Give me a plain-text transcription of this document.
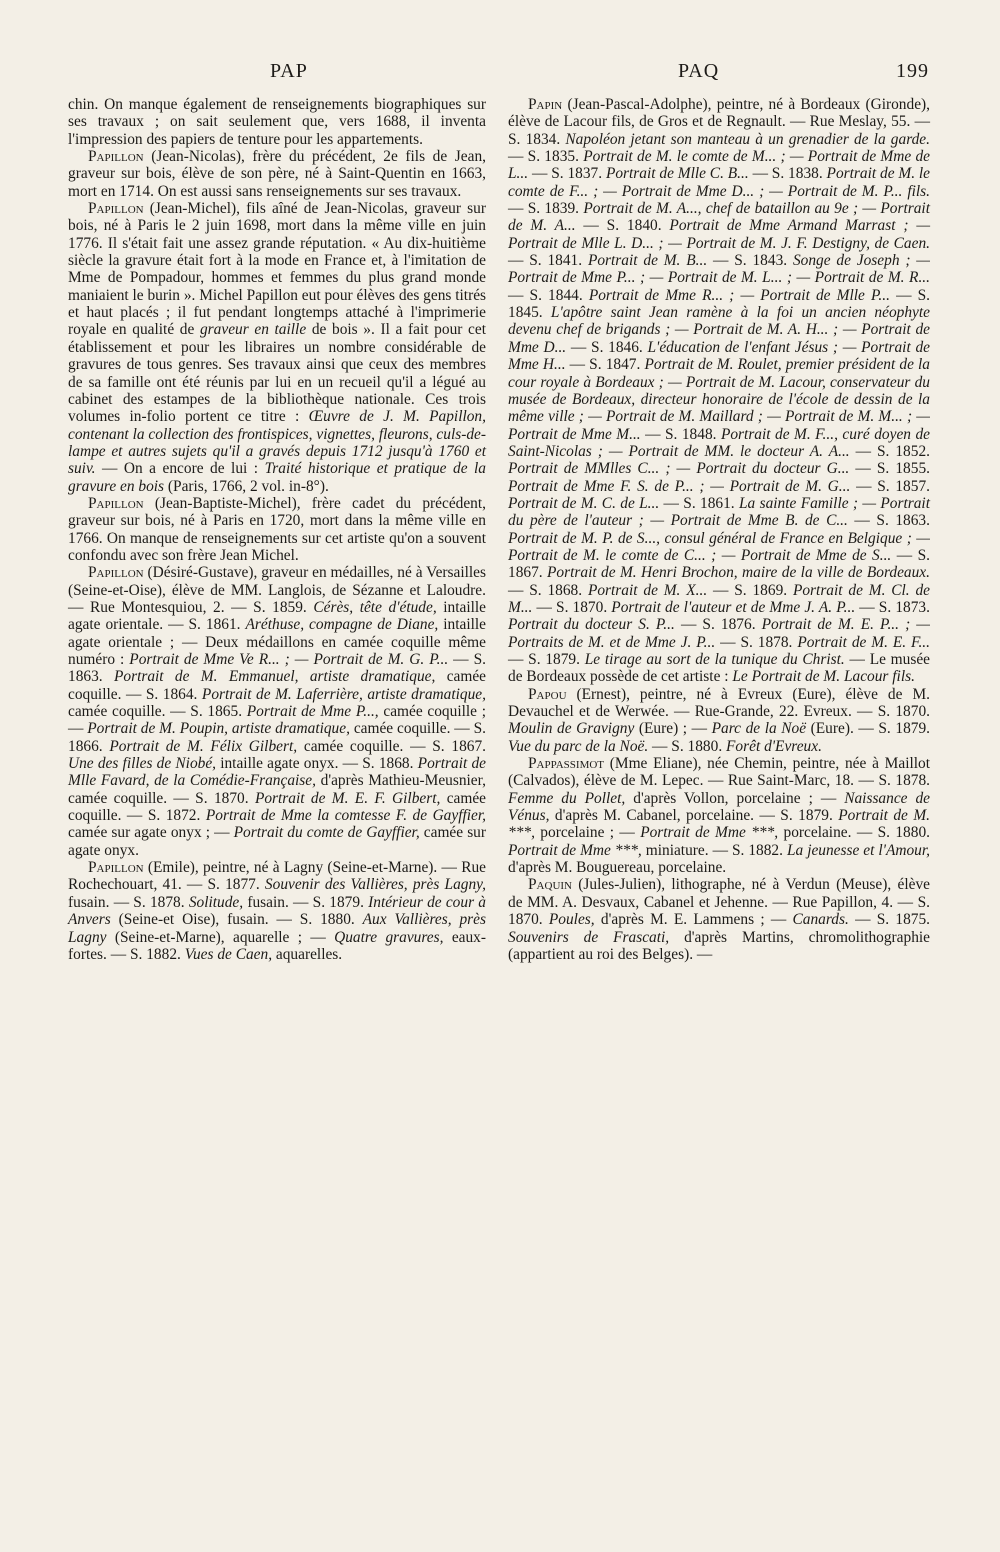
PAP	PAQ	199

chin. On manque également de renseignements biographiques sur ses travaux ; on sait seulement que, vers 1688, il inventa l'impression des papiers de tenture pour les appartements.

Papillon (Jean-Nicolas), frère du précédent, 2e fils de Jean, graveur sur bois, élève de son père, né à Saint-Quentin en 1663, mort en 1714. On est aussi sans renseignements sur ses travaux.

Papillon (Jean-Michel), fils aîné de Jean-Nicolas, graveur sur bois, né à Paris le 2 juin 1698, mort dans la même ville en juin 1776. Il s'était fait une assez grande réputation. « Au dix-huitième siècle la gravure était fort à la mode en France et, à l'imitation de Mme de Pompadour, hommes et femmes du plus grand monde maniaient le burin ». Michel Papillon eut pour élèves des gens titrés et haut placés ; il fut pendant longtemps attaché à l'imprimerie royale en qualité de graveur en taille de bois ». Il a fait pour cet établissement et pour les libraires un nombre considérable de gravures de tous genres. Ses travaux ainsi que ceux des membres de sa famille ont été réunis par lui en un recueil qu'il a légué au cabinet des estampes de la bibliothèque nationale. Ces trois volumes in-folio portent ce titre : Œuvre de J. M. Papillon, contenant la collection des frontispices, vignettes, fleurons, culs-de-lampe et autres sujets qu'il a gravés depuis 1712 jusqu'à 1760 et suiv. — On a encore de lui : Traité historique et pratique de la gravure en bois (Paris, 1766, 2 vol. in-8°).

Papillon (Jean-Baptiste-Michel), frère cadet du précédent, graveur sur bois, né à Paris en 1720, mort dans la même ville en 1766. On manque de renseignements sur cet artiste qu'on a souvent confondu avec son frère Jean Michel.

Papillon (Désiré-Gustave), graveur en médailles, né à Versailles (Seine-et-Oise), élève de MM. Langlois, de Sézanne et Laloudre. — Rue Montesquiou, 2. — S. 1859. Cérès, tête d'étude, intaille agate orientale. — S. 1861. Aréthuse, compagne de Diane, intaille agate orientale ; — Deux médaillons en camée coquille même numéro : Portrait de Mme Ve R... ; — Portrait de M. G. P... — S. 1863. Portrait de M. Emmanuel, artiste dramatique, camée coquille. — S. 1864. Portrait de M. Laferrière, artiste dramatique, camée coquille. — S. 1865. Portrait de Mme P..., camée coquille ; — Portrait de M. Poupin, artiste dramatique, camée coquille. — S. 1866. Portrait de M. Félix Gilbert, camée coquille. — S. 1867. Une des filles de Niobé, intaille agate onyx. — S. 1868. Portrait de Mlle Favard, de la Comédie-Française, d'après Mathieu-Meusnier, camée coquille. — S. 1870. Portrait de M. E. F. Gilbert, camée coquille. — S. 1872. Portrait de Mme la comtesse F. de Gayffier, camée sur agate onyx ; — Portrait du comte de Gayffier, camée sur agate onyx.

Papillon (Emile), peintre, né à Lagny (Seine-et-Marne). — Rue Rochechouart, 41. — S. 1877. Souvenir des Vallières, près Lagny, fusain. — S. 1878. Solitude, fusain. — S. 1879. Intérieur de cour à Anvers (Seine-et Oise), fusain. — S. 1880. Aux Vallières, près Lagny (Seine-et-Marne), aquarelle ; — Quatre gravures, eaux-fortes. — S. 1882. Vues de Caen, aquarelles.

Papin (Jean-Pascal-Adolphe), peintre, né à Bordeaux (Gironde), élève de Lacour fils, de Gros et de Regnault. — Rue Meslay, 55. — S. 1834. Napoléon jetant son manteau à un grenadier de la garde. — S. 1835. Portrait de M. le comte de M... ; — Portrait de Mme de L... — S. 1837. Portrait de Mlle C. B... — S. 1838. Portrait de M. le comte de F... ; — Portrait de Mme D... ; — Portrait de M. P... fils. — S. 1839. Portrait de M. A..., chef de bataillon au 9e ; — Portrait de M. A... — S. 1840. Portrait de Mme Armand Marrast ; — Portrait de Mlle L. D... ; — Portrait de M. J. F. Destigny, de Caen. — S. 1841. Portrait de M. B... — S. 1843. Songe de Joseph ; — Portrait de Mme P... ; — Portrait de M. L... ; — Portrait de M. R... — S. 1844. Portrait de Mme R... ; — Portrait de Mlle P... — S. 1845. L'apôtre saint Jean ramène à la foi un ancien néophyte devenu chef de brigands ; — Portrait de M. A. H... ; — Portrait de Mme D... — S. 1846. L'éducation de l'enfant Jésus ; — Portrait de Mme H... — S. 1847. Portrait de M. Roulet, premier président de la cour royale à Bordeaux ; — Portrait de M. Lacour, conservateur du musée de Bordeaux, directeur honoraire de l'école de dessin de la même ville ; — Portrait de M. Maillard ; — Portrait de M. M... ; — Portrait de Mme M... — S. 1848. Portrait de M. F..., curé doyen de Saint-Nicolas ; — Portrait de MM. le docteur A. A... — S. 1852. Portrait de MMlles C... ; — Portrait du docteur G... — S. 1855. Portrait de Mme F. S. de P... ; — Portrait de M. G... — S. 1857. Portrait de M. C. de L... — S. 1861. La sainte Famille ; — Portrait du père de l'auteur ; — Portrait de Mme B. de C... — S. 1863. Portrait de M. P. de S..., consul général de France en Belgique ; — Portrait de M. le comte de C... ; — Portrait de Mme de S... — S. 1867. Portrait de M. Henri Brochon, maire de la ville de Bordeaux. — S. 1868. Portrait de M. X... — S. 1869. Portrait de M. Cl. de M... — S. 1870. Portrait de l'auteur et de Mme J. A. P... — S. 1873. Portrait du docteur S. P... — S. 1876. Portrait de M. E. P... ; — Portraits de M. et de Mme J. P... — S. 1878. Portrait de M. E. F... — S. 1879. Le tirage au sort de la tunique du Christ. — Le musée de Bordeaux possède de cet artiste : Le Portrait de M. Lacour fils.

Papou (Ernest), peintre, né à Evreux (Eure), élève de M. Devauchel et de Werwée. — Rue-Grande, 22. Evreux. — S. 1870. Moulin de Gravigny (Eure) ; — Parc de la Noë (Eure). — S. 1879. Vue du parc de la Noë. — S. 1880. Forêt d'Evreux.

Pappassimot (Mme Eliane), née Chemin, peintre, née à Maillot (Calvados), élève de M. Lepec. — Rue Saint-Marc, 18. — S. 1878. Femme du Pollet, d'après Vollon, porcelaine ; — Naissance de Vénus, d'après M. Cabanel, porcelaine. — S. 1879. Portrait de M. ***, porcelaine ; — Portrait de Mme ***, porcelaine. — S. 1880. Portrait de Mme ***, miniature. — S. 1882. La jeunesse et l'Amour, d'après M. Bouguereau, porcelaine.

Paquin (Jules-Julien), lithographe, né à Verdun (Meuse), élève de MM. A. Desvaux, Cabanel et Jehenne. — Rue Papillon, 4. — S. 1870. Poules, d'après M. E. Lammens ; — Canards. — S. 1875. Souvenirs de Frascati, d'après Martins, chromolithographie (appartient au roi des Belges). —
